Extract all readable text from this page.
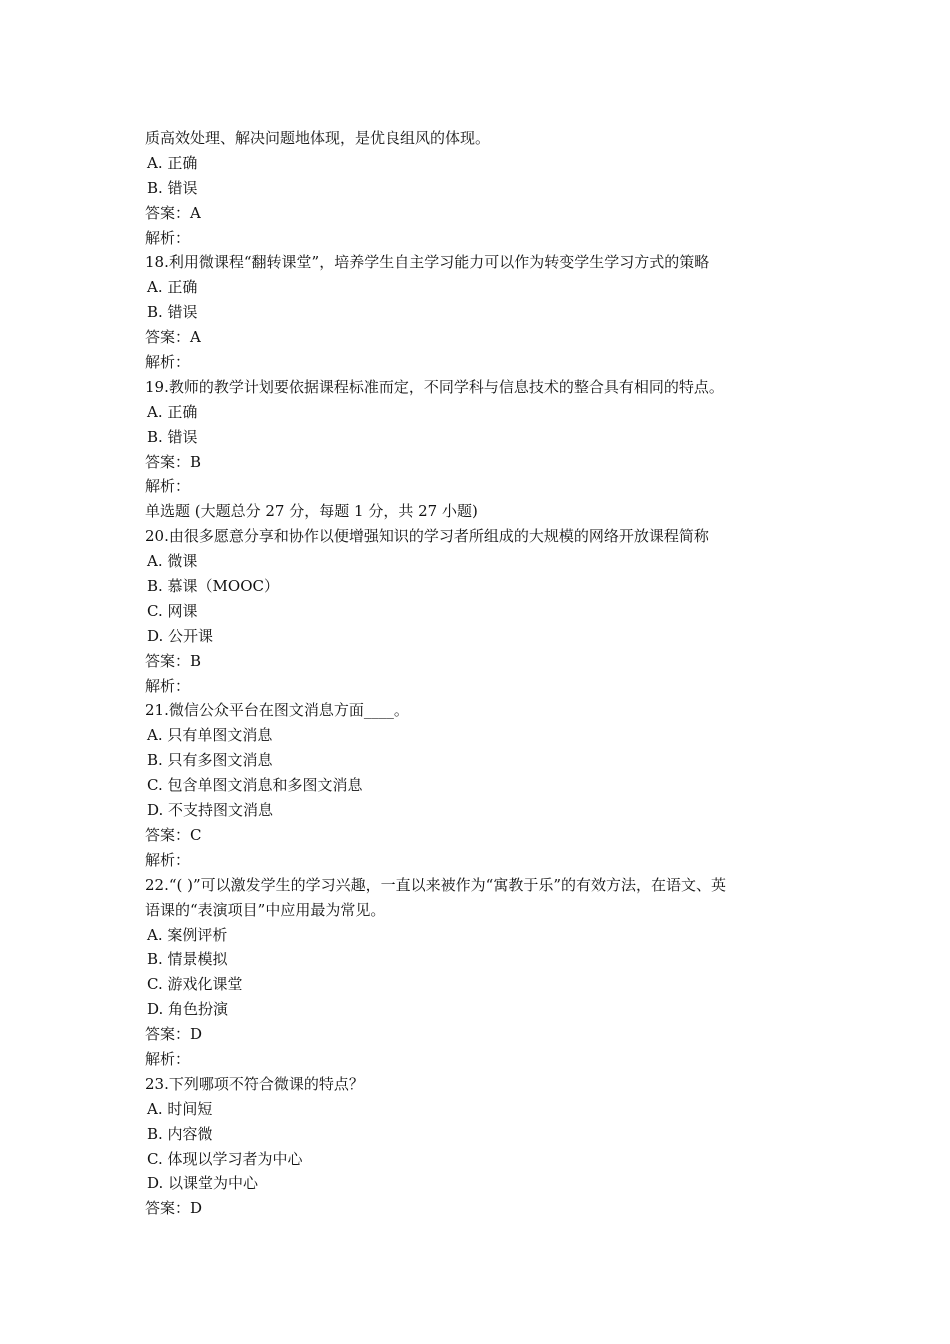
质高效处理、解决问题地体现，是优良组风的体现。
A. 正确
B. 错误
答案：A
解析：
18.利用微课程“翻转课堂”，培养学生自主学习能力可以作为转变学生学习方式的策略
A. 正确
B. 错误
答案：A
解析：
19.教师的教学计划要依据课程标准而定，不同学科与信息技术的整合具有相同的特点。
A. 正确
B. 错误
答案：B
解析：
单选题 (大题总分 27 分，每题 1 分，共 27 小题)
20.由很多愿意分享和协作以便增强知识的学习者所组成的大规模的网络开放课程简称
A. 微课
B. 慕课（MOOC）
C. 网课
D. 公开课
答案：B
解析：
21.微信公众平台在图文消息方面____。
A. 只有单图文消息
B. 只有多图文消息
C. 包含单图文消息和多图文消息
D. 不支持图文消息
答案：C
解析：
22.“( )”可以激发学生的学习兴趣，一直以来被作为“寓教于乐”的有效方法，在语文、英
语课的“表演项目”中应用最为常见。
A. 案例评析
B. 情景模拟
C. 游戏化课堂
D. 角色扮演
答案：D
解析：
23.下列哪项不符合微课的特点？
A. 时间短
B. 内容微
C. 体现以学习者为中心
D. 以课堂为中心
答案：D
